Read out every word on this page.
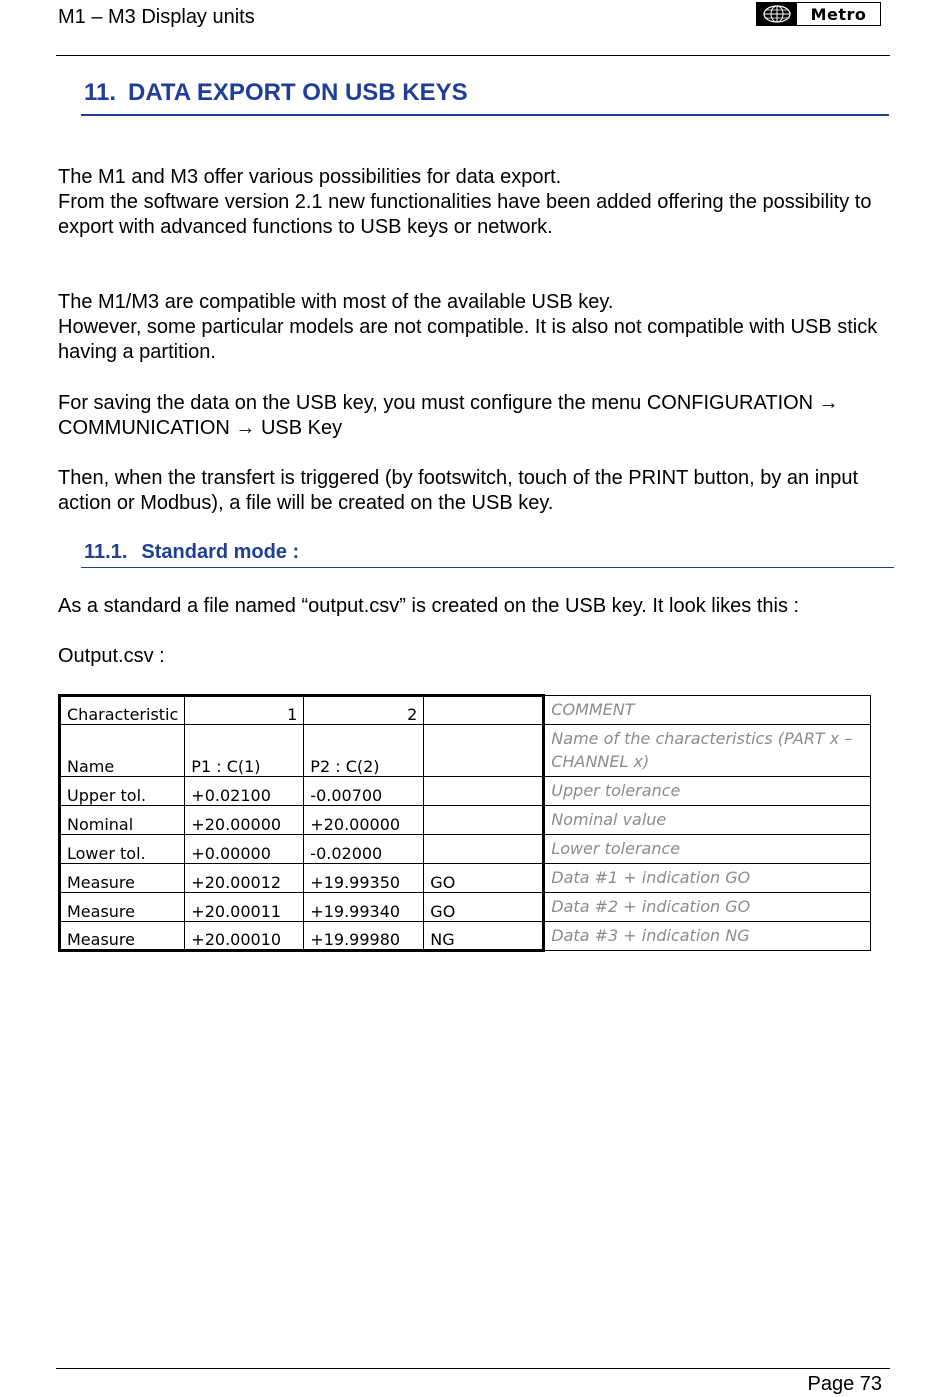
M1 – M3 Display units	Metro
11. DATA EXPORT ON USB KEYS

The M1 and M3 offer various possibilities for data export.
From the software version 2.1 new functionalities have been added offering the possibility to export with advanced functions to USB keys or network.

The M1/M3 are compatible with most of the available USB key.
However, some particular models are not compatible. It is also not compatible with USB stick having a partition.

For saving the data on the USB key, you must configure the menu CONFIGURATION → COMMUNICATION → USB Key

Then, when the transfert is triggered (by footswitch, touch of the PRINT button, by an input action or Modbus), a file will be created on the USB key.

11.1. Standard mode :

As a standard a file named “output.csv” is created on the USB key. It look likes this :

Output.csv :

Characteristic	1	2		COMMENT
Name	P1 : C(1)	P2 : C(2)		Name of the characteristics (PART x – CHANNEL x)
Upper tol.	+0.02100	-0.00700		Upper tolerance
Nominal	+20.00000	+20.00000		Nominal value
Lower tol.	+0.00000	-0.02000		Lower tolerance
Measure	+20.00012	+19.99350	GO	Data #1 + indication GO
Measure	+20.00011	+19.99340	GO	Data #2 + indication GO
Measure	+20.00010	+19.99980	NG	Data #3 + indication NG
Page 73
